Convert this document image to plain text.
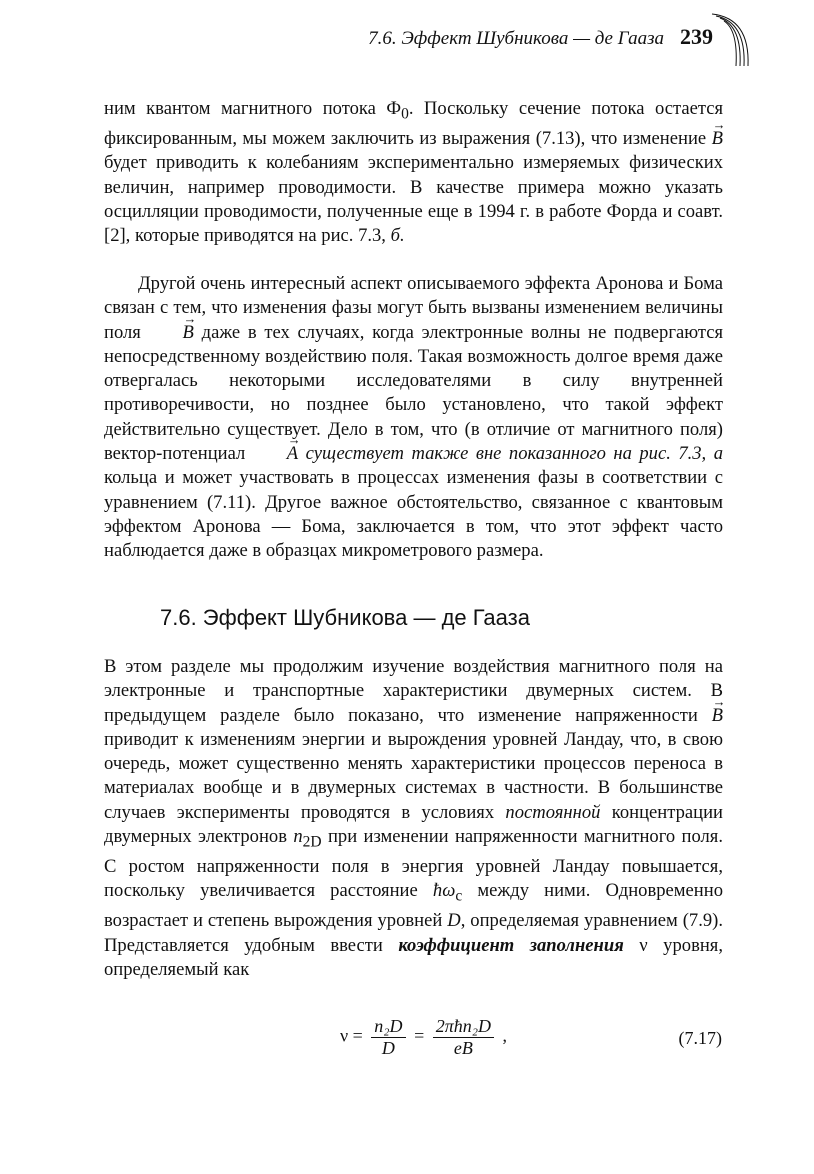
7.6. Эффект Шубникова — де Гааза 239

ним квантом магнитного потока $Ф_0$. Поскольку сечение потока остается фиксированным, мы можем заключить из выражения (7.13), что изменение → B будет приводить к колебаниям экспериментально измеряемых физических величин, например проводимости. В качестве примера можно указать осцилляции проводимости, полученные еще в 1994 г. в работе Форда и соавт. [2], которые приводятся на рис. 7.3, б.

Другой очень интересный аспект описываемого эффекта Аронова и Бома связан с тем, что изменения фазы могут быть вызваны изменением величины поля → B даже в тех случаях, когда электронные волны не подвергаются непосредственному воздействию поля. Такая возможность долгое время даже отвергалась некоторыми исследователями в силу внутренней противоречивости, но позднее было установлено, что такой эффект действительно существует. Дело в том, что (в отличие от магнитного поля) вектор-потенциал → A существует также вне показанного на рис. 7.3, а кольца и может участвовать в процессах изменения фазы в соответствии с уравнением (7.11). Другое важное обстоятельство, связанное с квантовым эффектом Аронова — Бома, заключается в том, что этот эффект часто наблюдается даже в образцах микрометрового размера.

7.6. Эффект Шубникова — де Гааза

В этом разделе мы продолжим изучение воздействия магнитного поля на электронные и транспортные характеристики двумерных систем. В предыдущем разделе было показано, что изменение напряженности → B приводит к изменениям энергии и вырождения уровней Ландау, что, в свою очередь, может существенно менять характеристики процессов переноса в материалах вообще и в двумерных системах в частности. В большинстве случаев эксперименты проводятся в условиях постоянной концентрации двумерных электронов $n_{2D}$ при изменении напряженности магнитного поля. С ростом напряженности поля в энергия уровней Ландау повышается, поскольку увеличивается расстояние $ħ\omega_c$ между ними. Одновременно возрастает и степень вырождения уровней D, определяемая уравнением (7.9). Представляется удобным ввести коэффициент заполнения ν уровня, определяемый как

$\nu = \frac{\text{n₂D}}{D} = \frac{\text{2πħn₂D}}{eB}$ ,	(7.17)
